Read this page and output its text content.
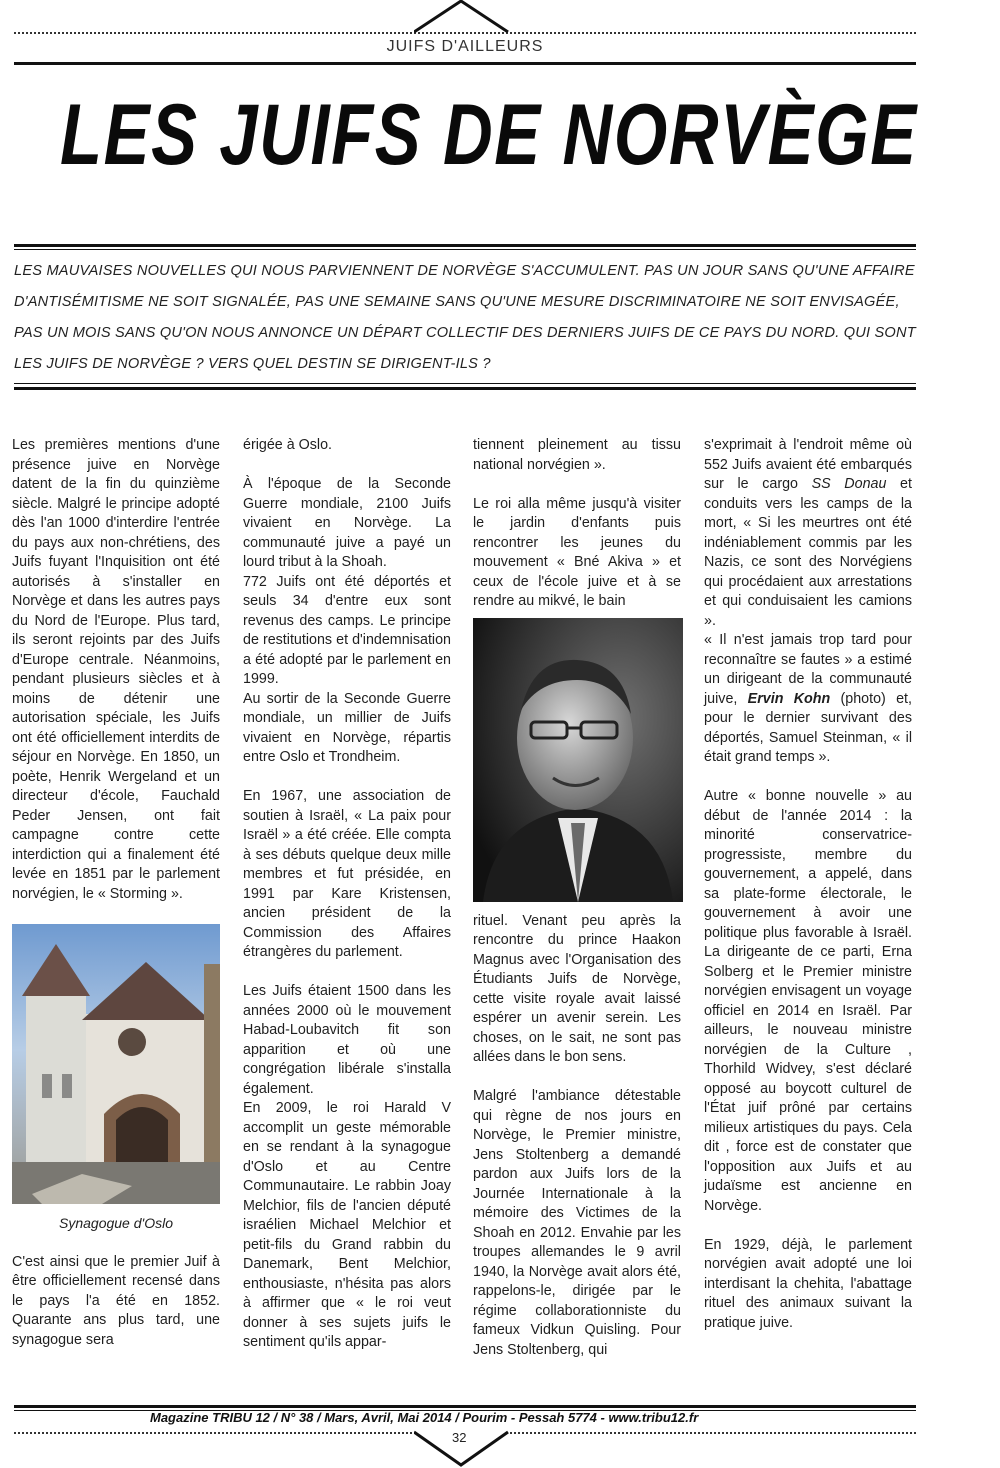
JUIFS D'AILLEURS
LES JUIFS DE NORVÈGE

LES MAUVAISES NOUVELLES QUI NOUS PARVIENNENT DE NORVÈGE S'ACCUMULENT. PAS UN JOUR SANS QU'UNE AFFAIRE D'ANTISÉMITISME NE SOIT SIGNALÉE, PAS UNE SEMAINE SANS QU'UNE MESURE DISCRIMINATOIRE NE SOIT ENVISAGÉE, PAS UN MOIS SANS QU'ON NOUS ANNONCE UN DÉPART COLLECTIF DES DERNIERS JUIFS DE CE PAYS DU NORD. QUI SONT LES JUIFS DE NORVÈGE ? VERS QUEL DESTIN SE DIRIGENT-ILS ?

Les premières mentions d'une présence juive en Norvège datent de la fin du quinzième siècle. Malgré le principe adopté dès l'an 1000 d'interdire l'entrée du pays aux non-chrétiens, des Juifs fuyant l'Inquisition ont été autorisés à s'installer en Norvège et dans les autres pays du Nord de l'Europe. Plus tard, ils seront rejoints par des Juifs d'Europe centrale. Néanmoins, pendant plusieurs siècles et à moins de détenir une autorisation spéciale, les Juifs ont été officiellement interdits de séjour en Norvège. En 1850, un poète, Henrik Wergeland et un directeur d'école, Fauchald Peder Jensen, ont fait campagne contre cette interdiction qui a finalement été levée en 1851 par le parlement norvégien, le « Storming ».

Synagogue d'Oslo

C'est ainsi que le premier Juif à être officiellement recensé dans le pays l'a été en 1852. Quarante ans plus tard, une synagogue sera

érigée à Oslo.

À l'époque de la Seconde Guerre mondiale, 2100 Juifs vivaient en Norvège. La communauté juive a payé un lourd tribut à la Shoah.

772 Juifs ont été déportés et seuls 34 d'entre eux sont revenus des camps. Le principe de restitutions et d'indemnisation a été adopté par le parlement en 1999.

Au sortir de la Seconde Guerre mondiale, un millier de Juifs vivaient en Norvège, répartis entre Oslo et Trondheim.

En 1967, une association de soutien à Israël, « La paix pour Israël » a été créée. Elle compta à ses débuts quelque deux mille membres et fut présidée, en 1991 par Kare Kristensen, ancien président de la Commission des Affaires étrangères du parlement.

Les Juifs étaient 1500 dans les années 2000 où le mouvement Habad-Loubavitch fit son apparition et où une congrégation libérale s'installa également.

En 2009, le roi Harald V accomplit un geste mémorable en se rendant à la synagogue d'Oslo et au Centre Communautaire. Le rabbin Joay Melchior, fils de l'ancien député israélien Michael Melchior et petit-fils du Grand rabbin du Danemark, Bent Melchior, enthousiaste, n'hésita pas alors à affirmer que « le roi veut donner à ses sujets juifs le sentiment qu'ils appar-

tiennent pleinement au tissu national norvégien ».

Le roi alla même jusqu'à visiter le jardin d'enfants puis rencontrer les jeunes du mouvement « Bné Akiva » et ceux de l'école juive et à se rendre au mikvé, le bain

rituel. Venant peu après la rencontre du prince Haakon Magnus avec l'Organisation des Étudiants Juifs de Norvège, cette visite royale avait laissé espérer un avenir serein. Les choses, on le sait, ne sont pas allées dans le bon sens.

Malgré l'ambiance détestable qui règne de nos jours en Norvège, le Premier ministre, Jens Stoltenberg a demandé pardon aux Juifs lors de la Journée Internationale à la mémoire des Victimes de la Shoah en 2012. Envahie par les troupes allemandes le 9 avril 1940, la Norvège avait alors été, rappelons-le, dirigée par le régime collaborationniste du fameux Vidkun Quisling. Pour Jens Stoltenberg, qui

s'exprimait à l'endroit même où 552 Juifs avaient été embarqués sur le cargo SS Donau et conduits vers les camps de la mort, « Si les meurtres ont été indéniablement commis par les Nazis, ce sont des Norvégiens qui procédaient aux arrestations et qui conduisaient les camions ».

« Il n'est jamais trop tard pour reconnaître se fautes » a estimé un dirigeant de la communauté juive, Ervin Kohn (photo) et, pour le dernier survivant des déportés, Samuel Steinman, « il était grand temps ».

Autre « bonne nouvelle » au début de l'année 2014 : la minorité conservatrice-progressiste, membre du gouvernement, a appelé, dans sa plate-forme électorale, le gouvernement à avoir une politique plus favorable à Israël. La dirigeante de ce parti, Erna Solberg et le Premier ministre norvégien envisagent un voyage officiel en 2014 en Israël. Par ailleurs, le nouveau ministre norvégien de la Culture , Thorhild Widvey, s'est déclaré opposé au boycott culturel de l'État juif prôné par certains milieux artistiques du pays. Cela dit , force est de constater que l'opposition aux Juifs et au judaïsme est ancienne en Norvège.

En 1929, déjà, le parlement norvégien avait adopté une loi interdisant la chehita, l'abattage rituel des animaux suivant la pratique juive.

Magazine TRIBU 12 / N° 38 / Mars, Avril, Mai 2014 / Pourim - Pessah 5774 - www.tribu12.fr
32
